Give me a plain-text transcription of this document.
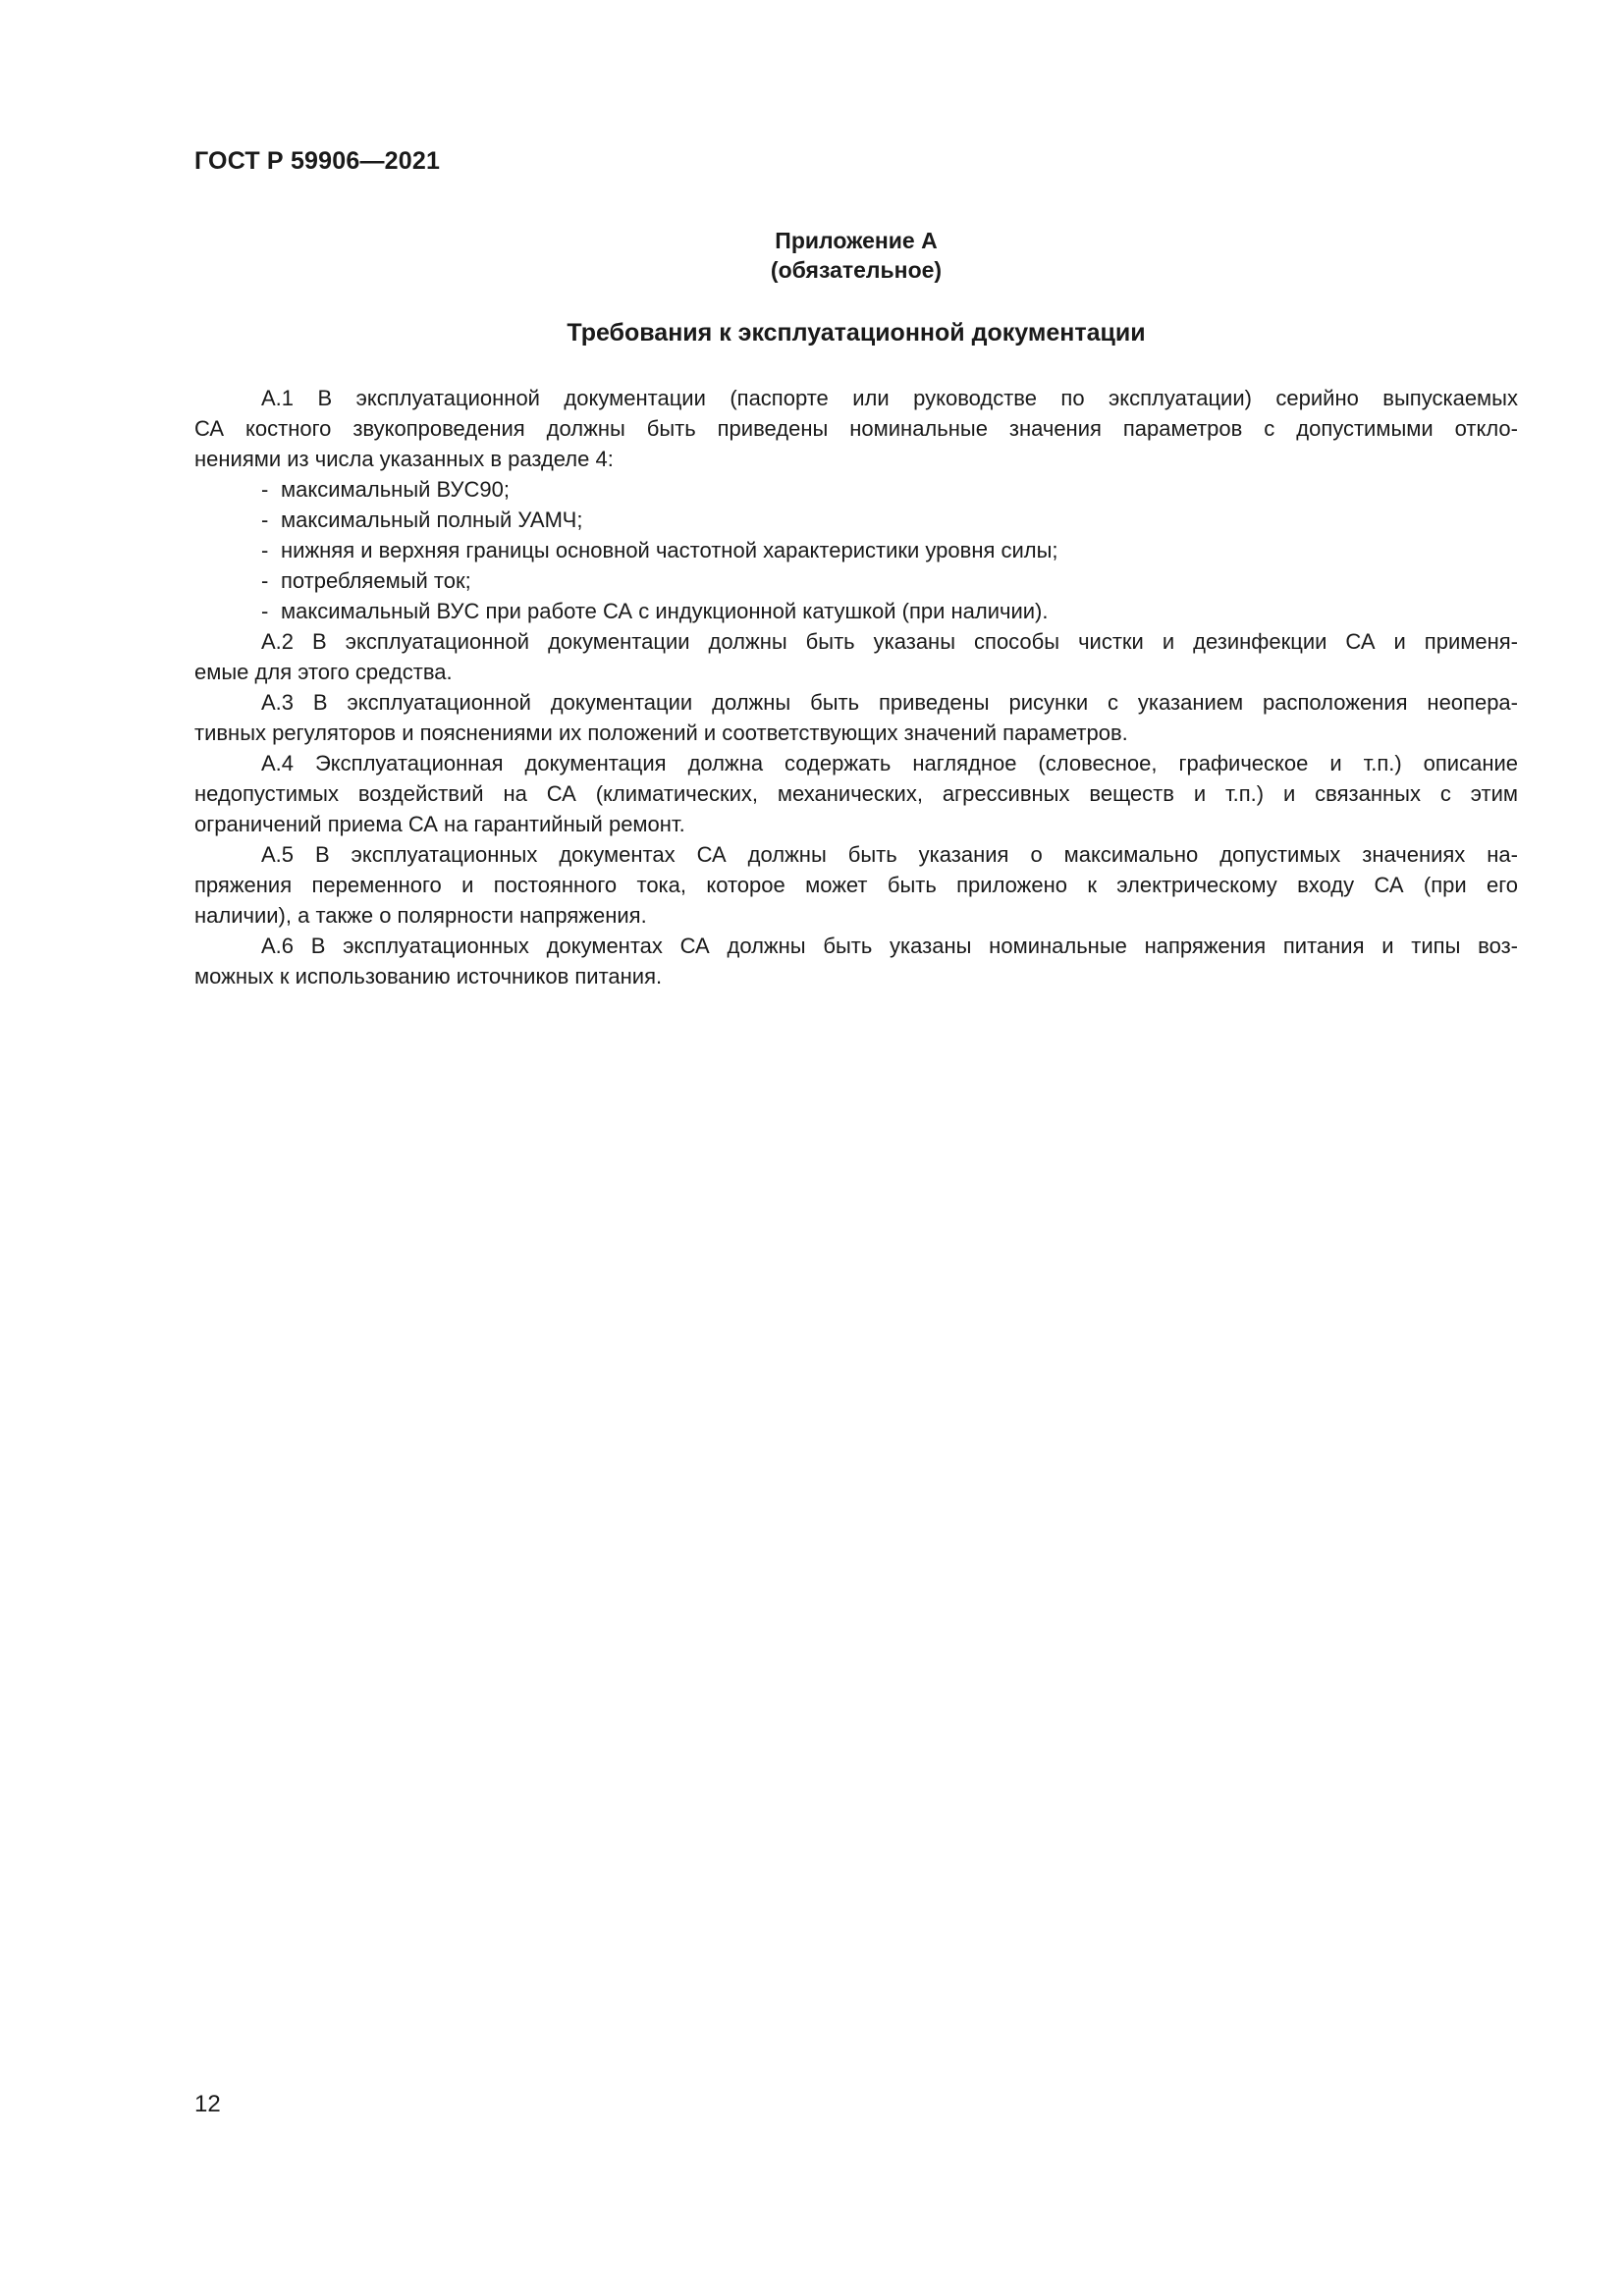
ГОСТ Р 59906—2021
Приложение А
(обязательное)
Требования к эксплуатационной документации

А.1 В эксплуатационной документации (паспорте или руководстве по эксплуатации) серийно выпускаемых
СА костного звукопроведения должны быть приведены номинальные значения параметров с допустимыми откло-
нениями из числа указанных в разделе 4:

- максимальный ВУС90;
- максимальный полный УАМЧ;
- нижняя и верхняя границы основной частотной характеристики уровня силы;
- потребляемый ток;
- максимальный ВУС при работе СА с индукционной катушкой (при наличии).

А.2 В эксплуатационной документации должны быть указаны способы чистки и дезинфекции СА и применя-
емые для этого средства.

А.3 В эксплуатационной документации должны быть приведены рисунки с указанием расположения неопера-
тивных регуляторов и пояснениями их положений и соответствующих значений параметров.

А.4 Эксплуатационная документация должна содержать наглядное (словесное, графическое и т.п.) описание
недопустимых воздействий на СА (климатических, механических, агрессивных веществ и т.п.) и связанных с этим
ограничений приема СА на гарантийный ремонт.

А.5 В эксплуатационных документах СА должны быть указания о максимально допустимых значениях на-
пряжения переменного и постоянного тока, которое может быть приложено к электрическому входу СА (при его
наличии), а также о полярности напряжения.

А.6 В эксплуатационных документах СА должны быть указаны номинальные напряжения питания и типы воз-
можных к использованию источников питания.

12
